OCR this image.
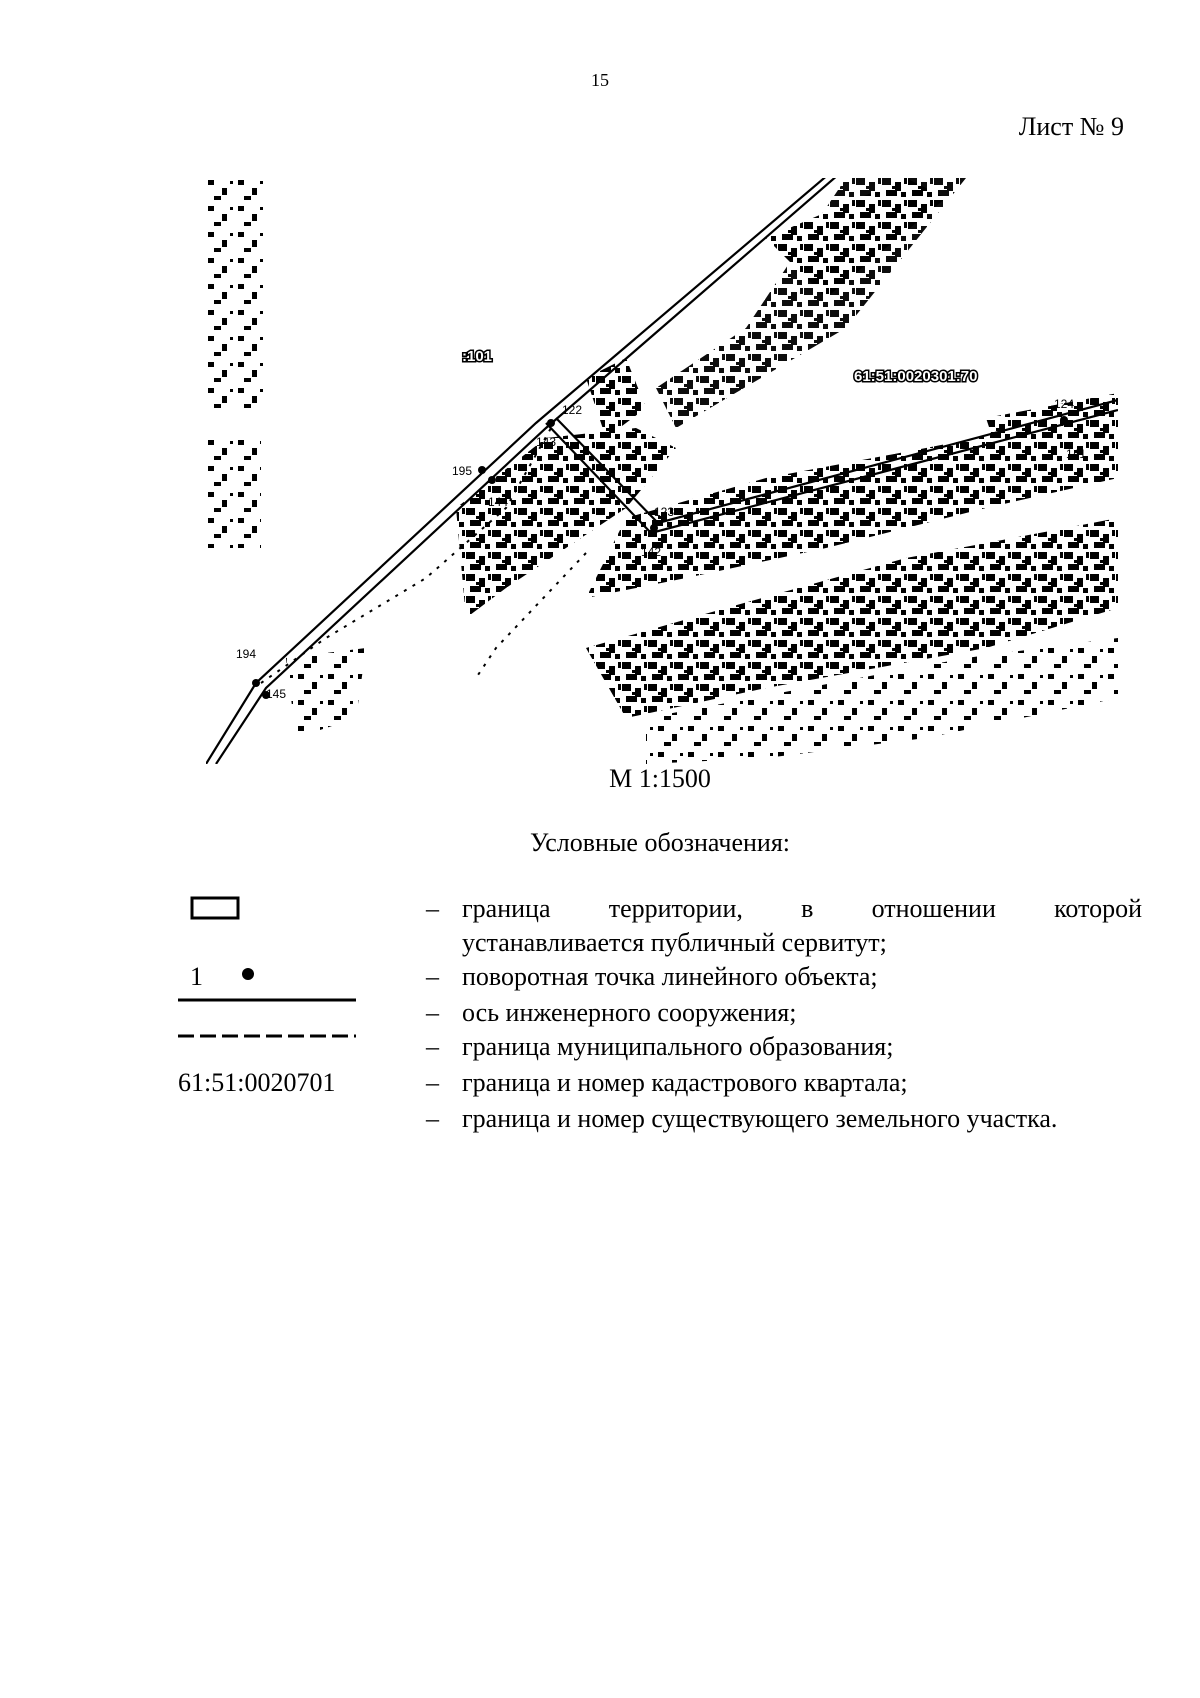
15
Лист № 9
:101
61:51:0020301:70
124
122
143
195
123
194
145
144
142
141
М 1:1500
Условные обозначения:
– граница территории, в отношении которой
устанавливается публичный сервитут;
1	– поворотная точка линейного объекта;
– ось инженерного сооружения;
– граница муниципального образования;
61:51:0020701	– граница и номер кадастрового квартала;
– граница и номер существующего земельного участка.
